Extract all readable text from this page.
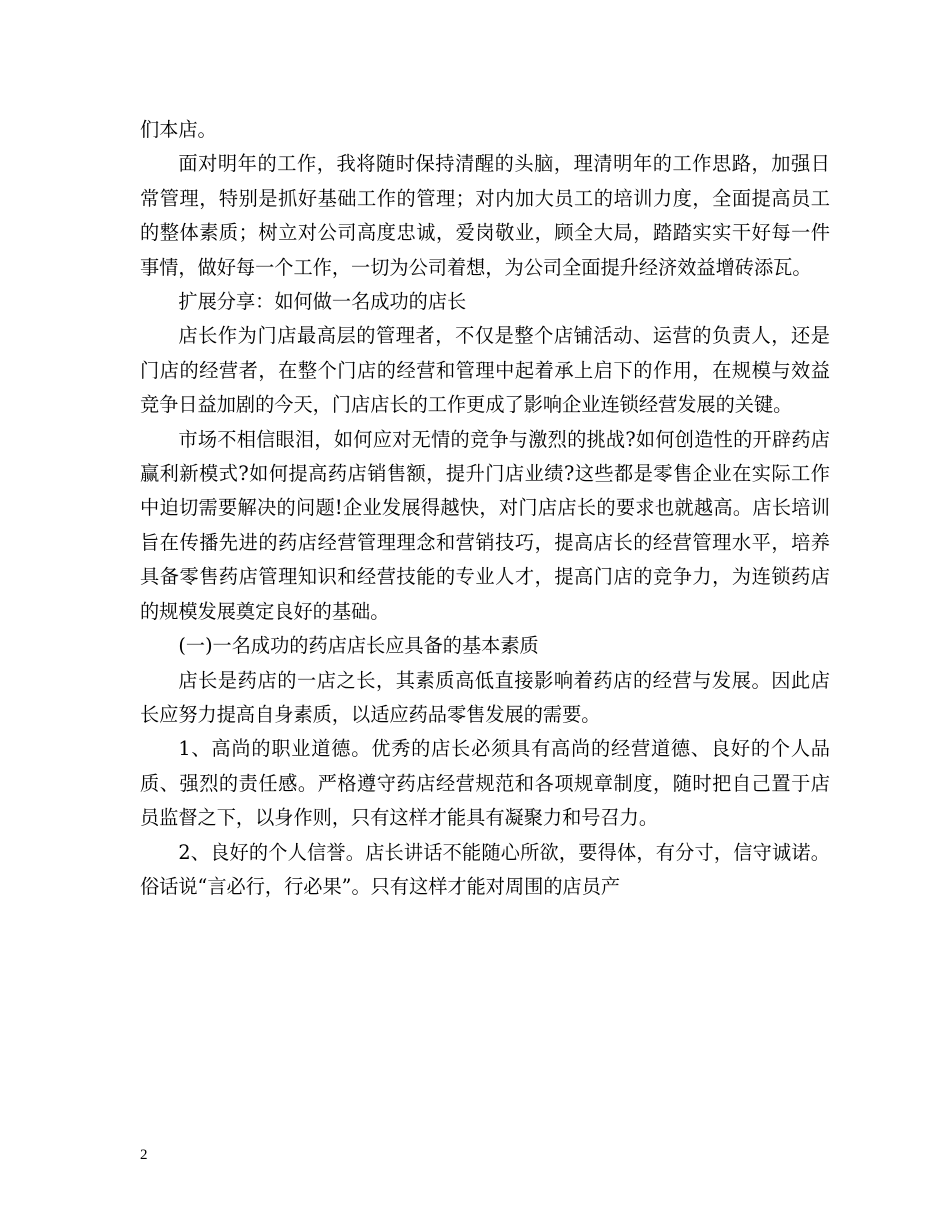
们本店。

面对明年的工作，我将随时保持清醒的头脑，理清明年的工作思路，加强日常管理，特别是抓好基础工作的管理；对内加大员工的培训力度，全面提高员工的整体素质；树立对公司高度忠诚，爱岗敬业，顾全大局，踏踏实实干好每一件事情，做好每一个工作，一切为公司着想，为公司全面提升经济效益增砖添瓦。

扩展分享：如何做一名成功的店长

店长作为门店最高层的管理者，不仅是整个店铺活动、运营的负责人，还是门店的经营者，在整个门店的经营和管理中起着承上启下的作用，在规模与效益竞争日益加剧的今天，门店店长的工作更成了影响企业连锁经营发展的关键。

市场不相信眼泪，如何应对无情的竞争与激烈的挑战?如何创造性的开辟药店赢利新模式?如何提高药店销售额，提升门店业绩?这些都是零售企业在实际工作中迫切需要解决的问题!企业发展得越快，对门店店长的要求也就越高。店长培训旨在传播先进的药店经营管理理念和营销技巧，提高店长的经营管理水平，培养具备零售药店管理知识和经营技能的专业人才，提高门店的竞争力，为连锁药店的规模发展奠定良好的基础。

(一)一名成功的药店店长应具备的基本素质

店长是药店的一店之长，其素质高低直接影响着药店的经营与发展。因此店长应努力提高自身素质，以适应药品零售发展的需要。

1、高尚的职业道德。优秀的店长必须具有高尚的经营道德、良好的个人品质、强烈的责任感。严格遵守药店经营规范和各项规章制度，随时把自己置于店员监督之下，以身作则，只有这样才能具有凝聚力和号召力。

2、良好的个人信誉。店长讲话不能随心所欲，要得体，有分寸，信守诚诺。俗话说“言必行，行必果”。只有这样才能对周围的店员产

2
